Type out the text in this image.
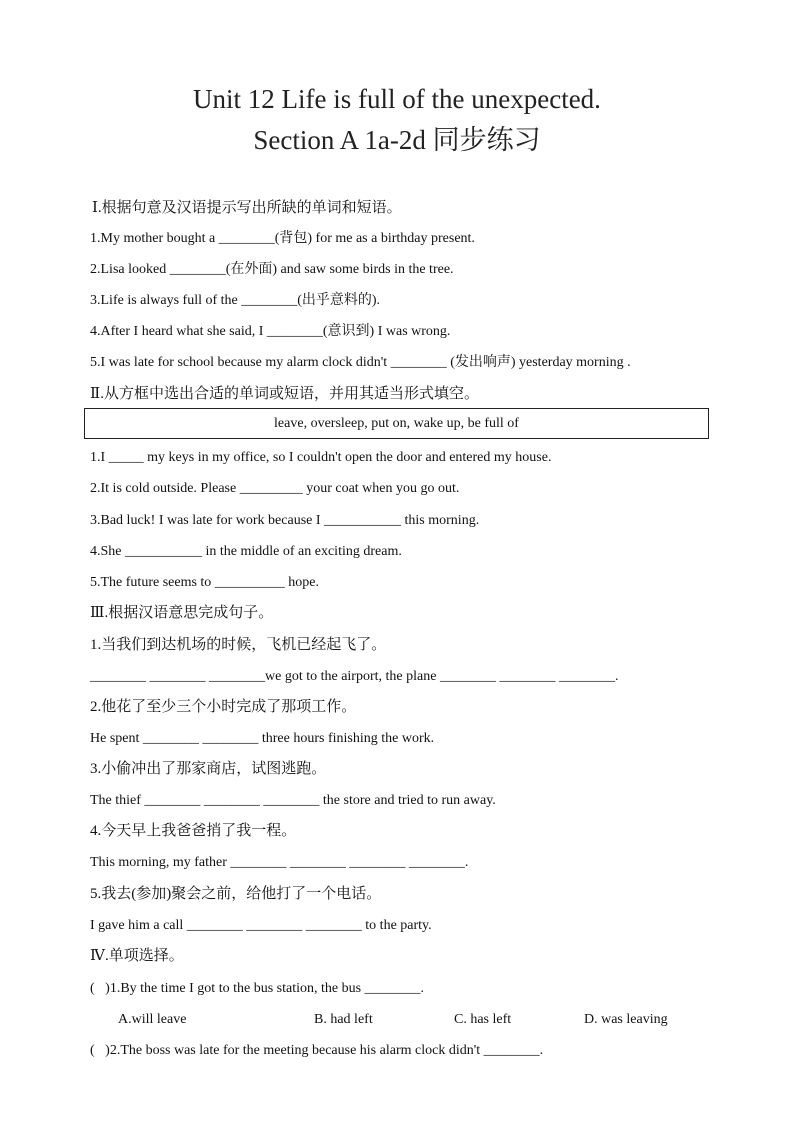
Unit 12 Life is full of the unexpected.
Section A 1a-2d 同步练习
Ⅰ.根据句意及汉语提示写出所缺的单词和短语。
1.My mother bought a ________(背包) for me as a birthday present.
2.Lisa looked ________(在外面) and saw some birds in the tree.
3.Life is always full of the ________(出乎意料的).
4.After I heard what she said, I ________(意识到) I was wrong.
5.I was late for school because my alarm clock didn't ________ (发出响声) yesterday morning .
Ⅱ.从方框中选出合适的单词或短语，并用其适当形式填空。
leave, oversleep, put on, wake up, be full of
1.I _____ my keys in my office, so I couldn't open the door and entered my house.
2.It is cold outside. Please _________ your coat when you go out.
3.Bad luck! I was late for work because I ___________ this morning.
4.She ___________ in the middle of an exciting dream.
5.The future seems to __________ hope.
Ⅲ.根据汉语意思完成句子。
1.当我们到达机场的时候，飞机已经起飞了。
________ ________ ________we got to the airport, the plane ________ ________ ________.
2.他花了至少三个小时完成了那项工作。
He spent ________ ________ three hours finishing the work.
3.小偷冲出了那家商店，试图逃跑。
The thief ________ ________ ________ the store and tried to run away.
4.今天早上我爸爸捎了我一程。
This morning, my father ________ ________ ________ ________.
5.我去(参加)聚会之前，给他打了一个电话。
I gave him a call ________ ________ ________ to the party.
Ⅳ.单项选择。
(   )1.By the time I got to the bus station, the bus ________.
A.will leave	B. had left	C. has left	D. was leaving
(   )2.The boss was late for the meeting because his alarm clock didn't ________.
